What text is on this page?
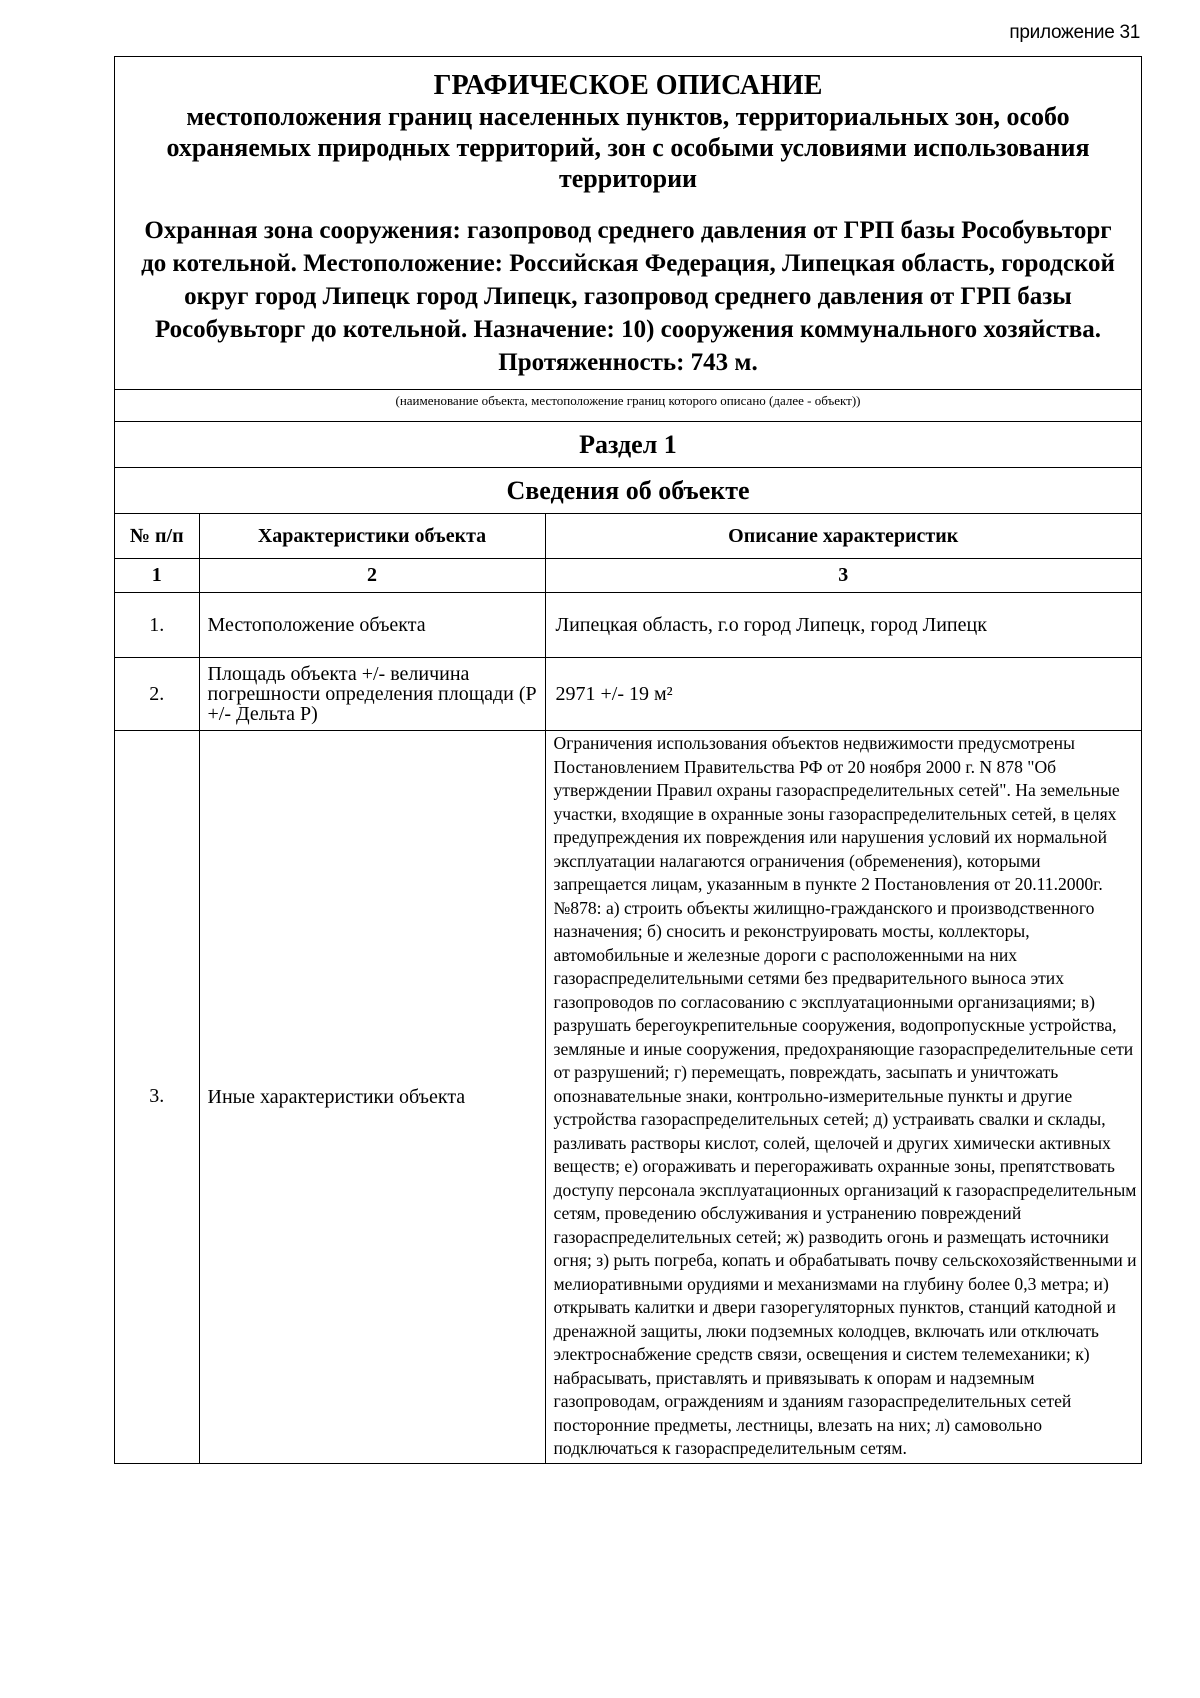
приложение 31
ГРАФИЧЕСКОЕ ОПИСАНИЕ
местоположения границ населенных пунктов, территориальных зон, особо охраняемых природных территорий, зон с особыми условиями использования территории
Охранная зона сооружения: газопровод среднего давления от ГРП базы Рособувьторг до котельной. Местоположение: Российская Федерация, Липецкая область, городской округ город Липецк город Липецк, газопровод среднего давления от ГРП базы Рособувьторг до котельной. Назначение: 10) сооружения коммунального хозяйства. Протяженность: 743 м.
(наименование объекта, местоположение границ которого описано (далее - объект))
Раздел 1
Сведения об объекте
№ п/п	Характеристики объекта	Описание характеристик
1	2	3
1.	Местоположение объекта	Липецкая область, г.о город Липецк, город Липецк
2.	Площадь объекта +/- величина погрешности определения площади (P +/- Дельта P)	2971 +/- 19 м²
3.	Иные характеристики объекта	Ограничения использования объектов недвижимости предусмотрены Постановлением Правительства РФ от 20 ноября 2000 г. N 878 "Об утверждении Правил охраны газораспределительных сетей". На земельные участки, входящие в охранные зоны газораспределительных сетей, в целях предупреждения их повреждения или нарушения условий их нормальной эксплуатации налагаются ограничения (обременения), которыми запрещается лицам, указанным в пункте 2 Постановления от 20.11.2000г. №878: а) строить объекты жилищно-гражданского и производственного назначения; б) сносить и реконструировать мосты, коллекторы, автомобильные и железные дороги с расположенными на них газораспределительными сетями без предварительного выноса этих газопроводов по согласованию с эксплуатационными организациями; в) разрушать берегоукрепительные сооружения, водопропускные устройства, земляные и иные сооружения, предохраняющие газораспределительные сети от разрушений; г) перемещать, повреждать, засыпать и уничтожать опознавательные знаки, контрольно-измерительные пункты и другие устройства газораспределительных сетей; д) устраивать свалки и склады, разливать растворы кислот, солей, щелочей и других химически активных веществ; е) огораживать и перегораживать охранные зоны, препятствовать доступу персонала эксплуатационных организаций к газораспределительным сетям, проведению обслуживания и устранению повреждений газораспределительных сетей; ж) разводить огонь и размещать источники огня; з) рыть погреба, копать и обрабатывать почву сельскохозяйственными и мелиоративными орудиями и механизмами на глубину более 0,3 метра; и) открывать калитки и двери газорегуляторных пунктов, станций катодной и дренажной защиты, люки подземных колодцев, включать или отключать электроснабжение средств связи, освещения и систем телемеханики; к) набрасывать, приставлять и привязывать к опорам и надземным газопроводам, ограждениям и зданиям газораспределительных сетей посторонние предметы, лестницы, влезать на них; л) самовольно подключаться к газораспределительным сетям.
